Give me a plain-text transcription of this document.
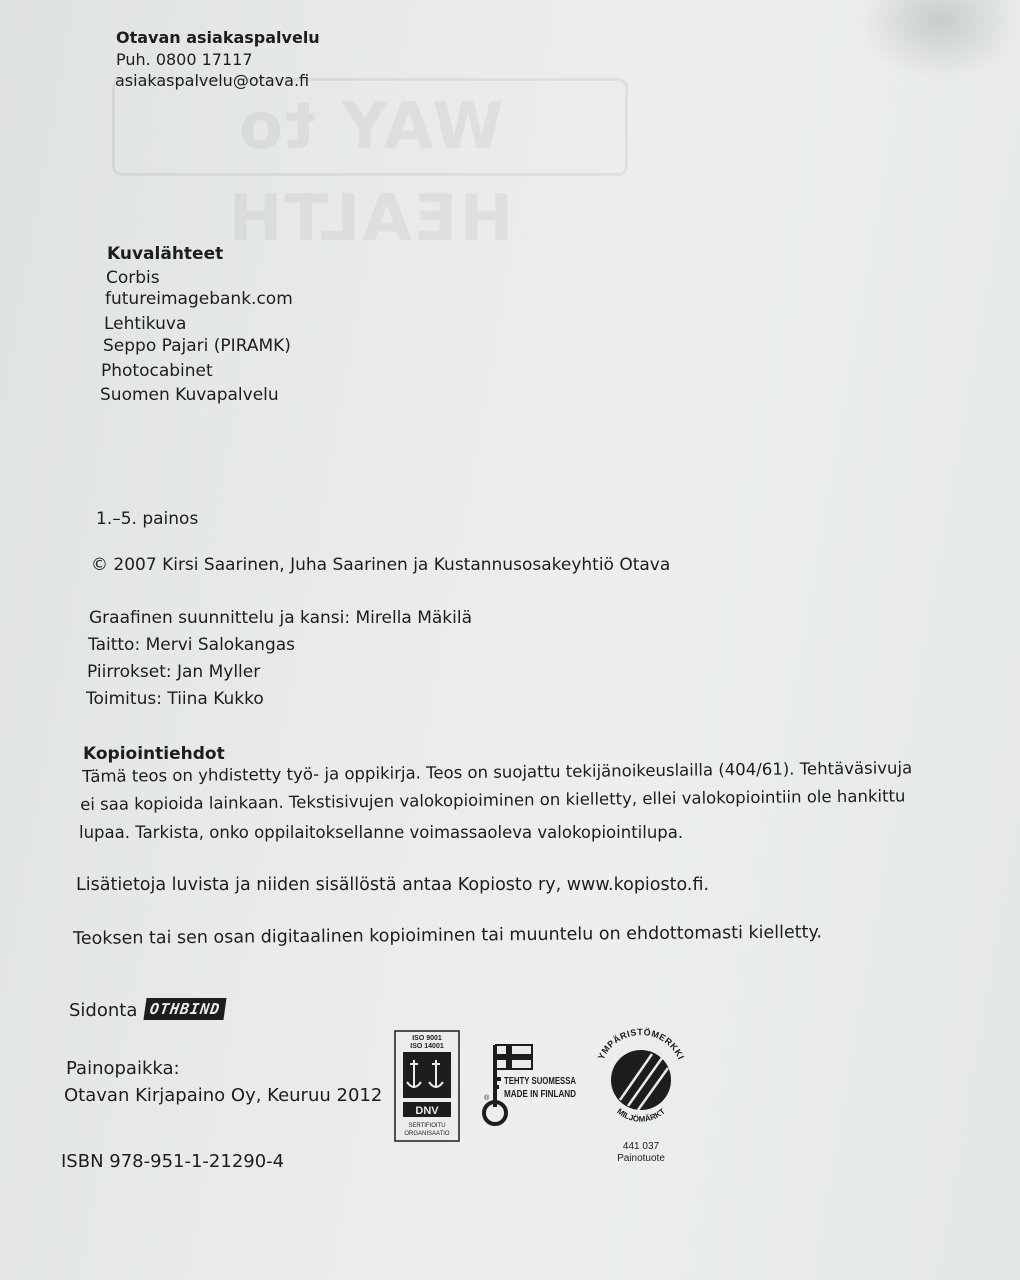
WAY to HEALTH
Otavan asiakaspalvelu
Puh. 0800 17117
asiakaspalvelu@otava.fi
Kuvalähteet
Corbis
futureimagebank.com
Lehtikuva
Seppo Pajari (PIRAMK)
Photocabinet
Suomen Kuvapalvelu
1.–5. painos
© 2007 Kirsi Saarinen, Juha Saarinen ja Kustannusosakeyhtiö Otava
Graafinen suunnittelu ja kansi: Mirella Mäkilä
Taitto: Mervi Salokangas
Piirrokset: Jan Myller
Toimitus: Tiina Kukko
Kopiointiehdot
Tämä teos on yhdistetty työ- ja oppikirja. Teos on suojattu tekijänoikeuslailla (404/61). Tehtäväsivuja
ei saa kopioida lainkaan. Tekstisivujen valokopioiminen on kielletty, ellei valokopiointiin ole hankittu
lupaa. Tarkista, onko oppilaitoksellanne voimassaoleva valokopiointilupa.
Lisätietoja luvista ja niiden sisällöstä antaa Kopiosto ry, www.kopiosto.fi.
Teoksen tai sen osan digitaalinen kopioiminen tai muuntelu on ehdottomasti kielletty.
Sidonta OTHBIND
Painopaikka:
Otavan Kirjapaino Oy, Keuruu 2012
ISBN 978-951-1-21290-4
ISO 9001
ISO 14001
DNV
SERTIFIOITU
ORGANISAATIO
®
TEHTY SUOMESSA
MADE IN FINLAND
YMPÄRISTÖMERKKI
MILJÖMÄRKT
441 037
Painotuote
